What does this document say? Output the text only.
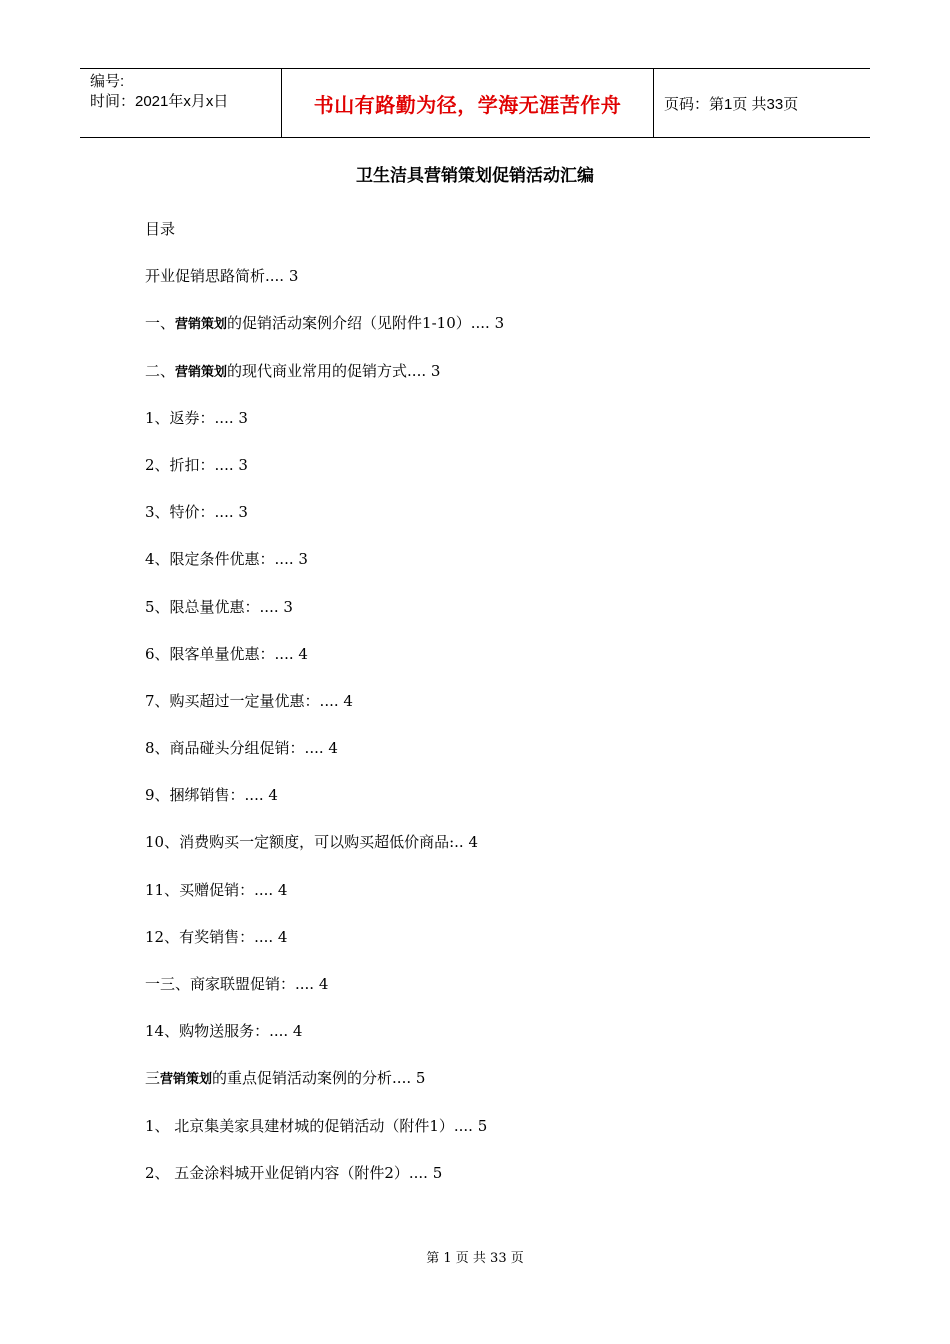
编号:
时间：2021年x月x日	书山有路勤为径，学海无涯苦作舟	页码：第1页 共33页
卫生洁具营销策划促销活动汇编
目录
开业促销思路简析.... 3
一、营销策划的促销活动案例介绍（见附件1-10）.... 3
二、营销策划的现代商业常用的促销方式.... 3
1、返券：.... 3
2、折扣：.... 3
3、特价：.... 3
4、限定条件优惠：.... 3
5、限总量优惠：.... 3
6、限客单量优惠：.... 4
7、购买超过一定量优惠：.... 4
8、商品碰头分组促销：.... 4
9、捆绑销售：.... 4
10、消费购买一定额度，可以购买超低价商品:.. 4
11、买赠促销：.... 4
12、有奖销售：.... 4
一三、商家联盟促销：.... 4
14、购物送服务：.... 4
三营销策划的重点促销活动案例的分析.... 5
1、 北京集美家具建材城的促销活动（附件1）.... 5
2、 五金涂料城开业促销内容（附件2）.... 5
第 1 页 共 33 页
